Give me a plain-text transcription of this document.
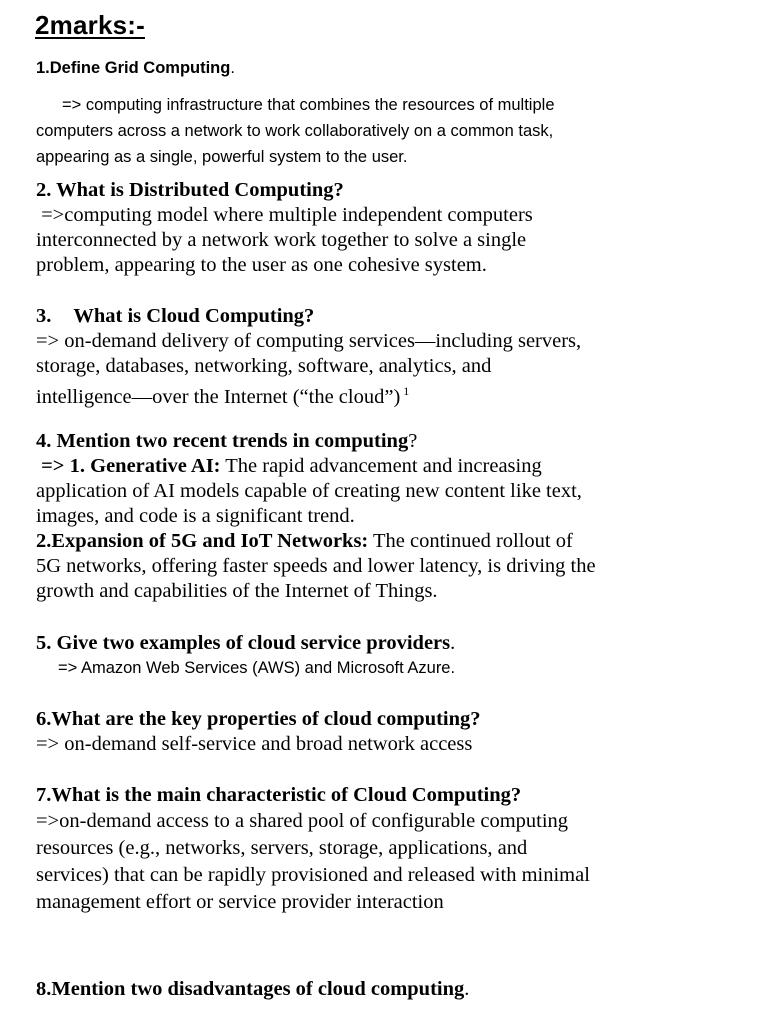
2marks:-
1.Define Grid Computing.
=> computing infrastructure that combines the resources of multiple
computers across a network to work collaboratively on a common task,
appearing as a single, powerful system to the user.
2. What is Distributed Computing?
=>computing model where multiple independent computers
interconnected by a network work together to solve a single
problem, appearing to the user as one cohesive system.
3. What is Cloud Computing?
=> on-demand delivery of computing services—including servers,
storage, databases, networking, software, analytics, and
intelligence—over the Internet (“the cloud”) $^1$
4. Mention two recent trends in computing?
=> 1. Generative AI: The rapid advancement and increasing
application of AI models capable of creating new content like text,
images, and code is a significant trend.
2.Expansion of 5G and IoT Networks: The continued rollout of
5G networks, offering faster speeds and lower latency, is driving the
growth and capabilities of the Internet of Things.
5. Give two examples of cloud service providers.
=> Amazon Web Services (AWS) and Microsoft Azure.
6.What are the key properties of cloud computing?
=> on-demand self-service and broad network access
7.What is the main characteristic of Cloud Computing?
=>on-demand access to a shared pool of configurable computing
resources (e.g., networks, servers, storage, applications, and
services) that can be rapidly provisioned and released with minimal
management effort or service provider interaction
8.Mention two disadvantages of cloud computing.
